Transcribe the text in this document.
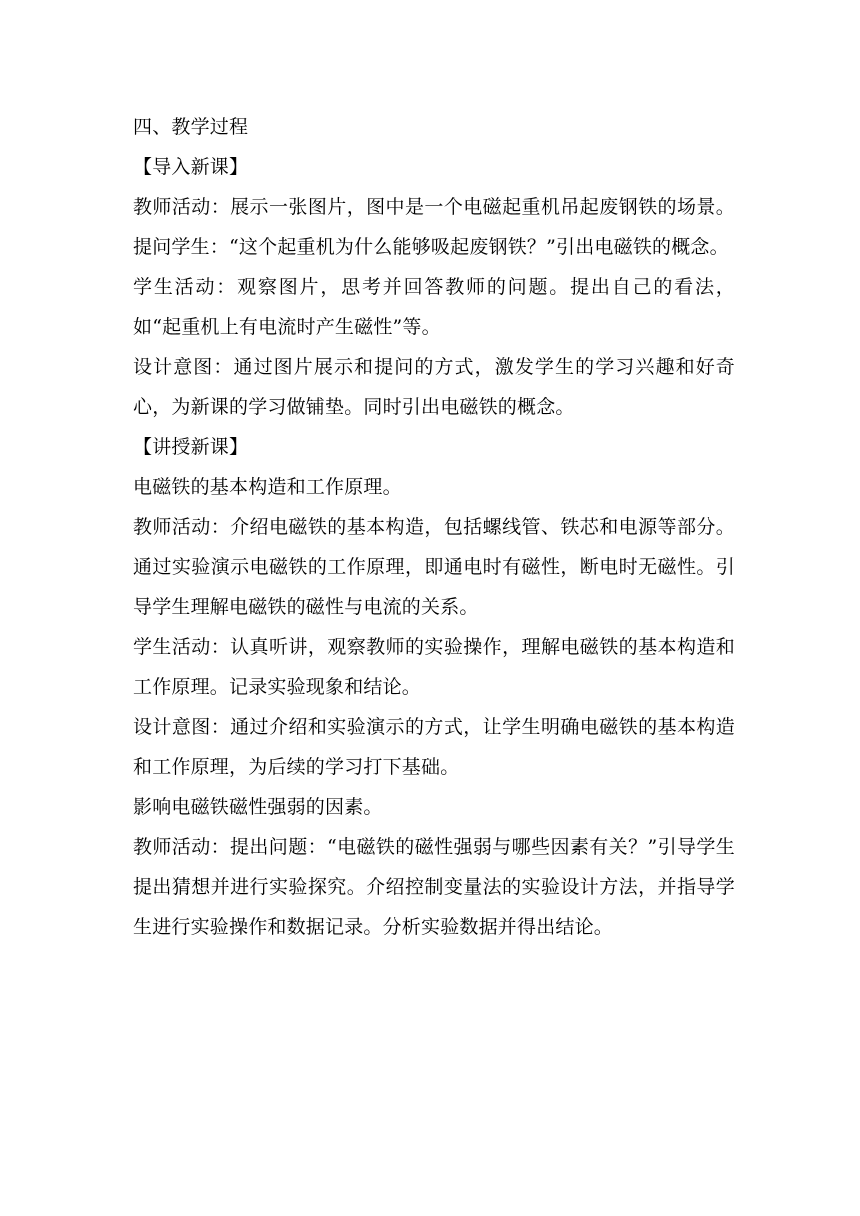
四、教学过程

【导入新课】

教师活动：展示一张图片，图中是一个电磁起重机吊起废钢铁的场景。提问学生：“这个起重机为什么能够吸起废钢铁？”引出电磁铁的概念。

学生活动：观察图片，思考并回答教师的问题。提出自己的看法，如“起重机上有电流时产生磁性”等。

设计意图：通过图片展示和提问的方式，激发学生的学习兴趣和好奇心，为新课的学习做铺垫。同时引出电磁铁的概念。

【讲授新课】

电磁铁的基本构造和工作原理。

教师活动：介绍电磁铁的基本构造，包括螺线管、铁芯和电源等部分。通过实验演示电磁铁的工作原理，即通电时有磁性，断电时无磁性。引导学生理解电磁铁的磁性与电流的关系。

学生活动：认真听讲，观察教师的实验操作，理解电磁铁的基本构造和工作原理。记录实验现象和结论。

设计意图：通过介绍和实验演示的方式，让学生明确电磁铁的基本构造和工作原理，为后续的学习打下基础。

影响电磁铁磁性强弱的因素。

教师活动：提出问题：“电磁铁的磁性强弱与哪些因素有关？”引导学生提出猜想并进行实验探究。介绍控制变量法的实验设计方法，并指导学生进行实验操作和数据记录。分析实验数据并得出结论。
